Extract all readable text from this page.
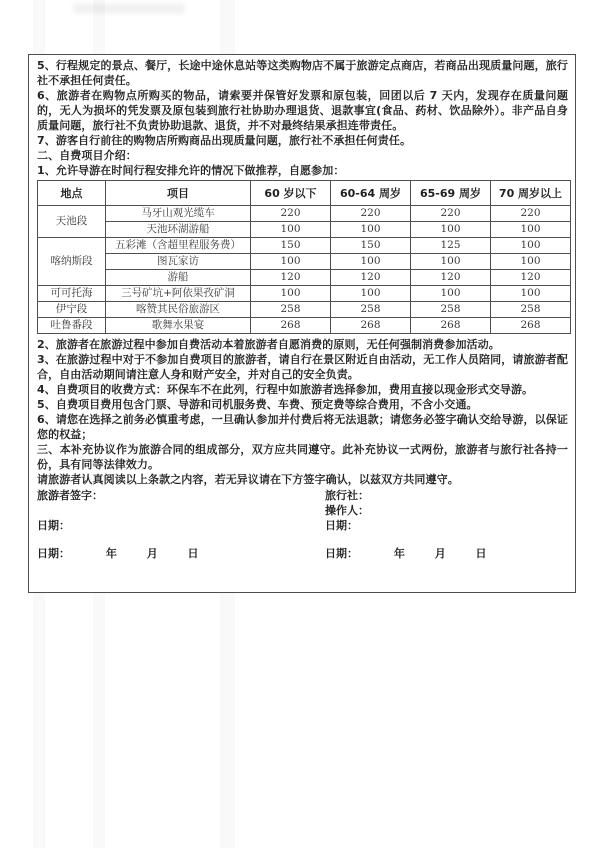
5、行程规定的景点、餐厅，长途中途休息站等这类购物店不属于旅游定点商店，若商品出现质量问题，旅行社不承担任何责任。

6、旅游者在购物点所购买的物品，请索要并保管好发票和原包装，回团以后 7 天内，发现存在质量问题的，无人为损坏的凭发票及原包装到旅行社协助办理退货、退款事宜(食品、药材、饮品除外）。非产品自身质量问题，旅行社不负责协助退款、退货，并不对最终结果承担连带责任。

7、游客自行前往的购物店所购商品出现质量问题，旅行社不承担任何责任。

二、自费项目介绍：

1、允许导游在时间行程安排允许的情况下做推荐，自愿参加：

地点	项目	60 岁以下	60-64 周岁	65-69 周岁	70 周岁以上
天池段	马牙山观光缆车	220	220	220	220
	天池环湖游船	100	100	100	100
喀纳斯段	五彩滩（含超里程服务费）	150	150	125	100
	图瓦家访	100	100	100	100
	游船	120	120	120	120
可可托海	三号矿坑+阿依果孜矿洞	100	100	100	100
伊宁段	喀赞其民俗旅游区	258	258	258	258
吐鲁番段	歌舞水果宴	268	268	268	268

2、旅游者在旅游过程中参加自费活动本着旅游者自愿消费的原则，无任何强制消费参加活动。

3、在旅游过程中对于不参加自费项目的旅游者，请自行在景区附近自由活动，无工作人员陪同，请旅游者配合，自由活动期间请注意人身和财产安全，并对自己的安全负责。

4、自费项目的收费方式：环保车不在此列，行程中如旅游者选择参加，费用直接以现金形式交导游。

5、自费项目费用包含门票、导游和司机服务费、车费、预定费等综合费用，不含小交通。

6、请您在选择之前务必慎重考虑，一旦确认参加并付费后将无法退款；请您务必签字确认交给导游，以保证您的权益；

三、本补充协议作为旅游合同的组成部分，双方应共同遵守。此补充协议一式两份，旅游者与旅行社各持一份，具有同等法律效力。

请旅游者认真阅读以上条款之内容，若无异议请在下方签字确认，以兹双方共同遵守。

旅游者签字：	旅行社：
操作人：
日期：	日期：
日期：	年	月	日	日期：	年	月	日
